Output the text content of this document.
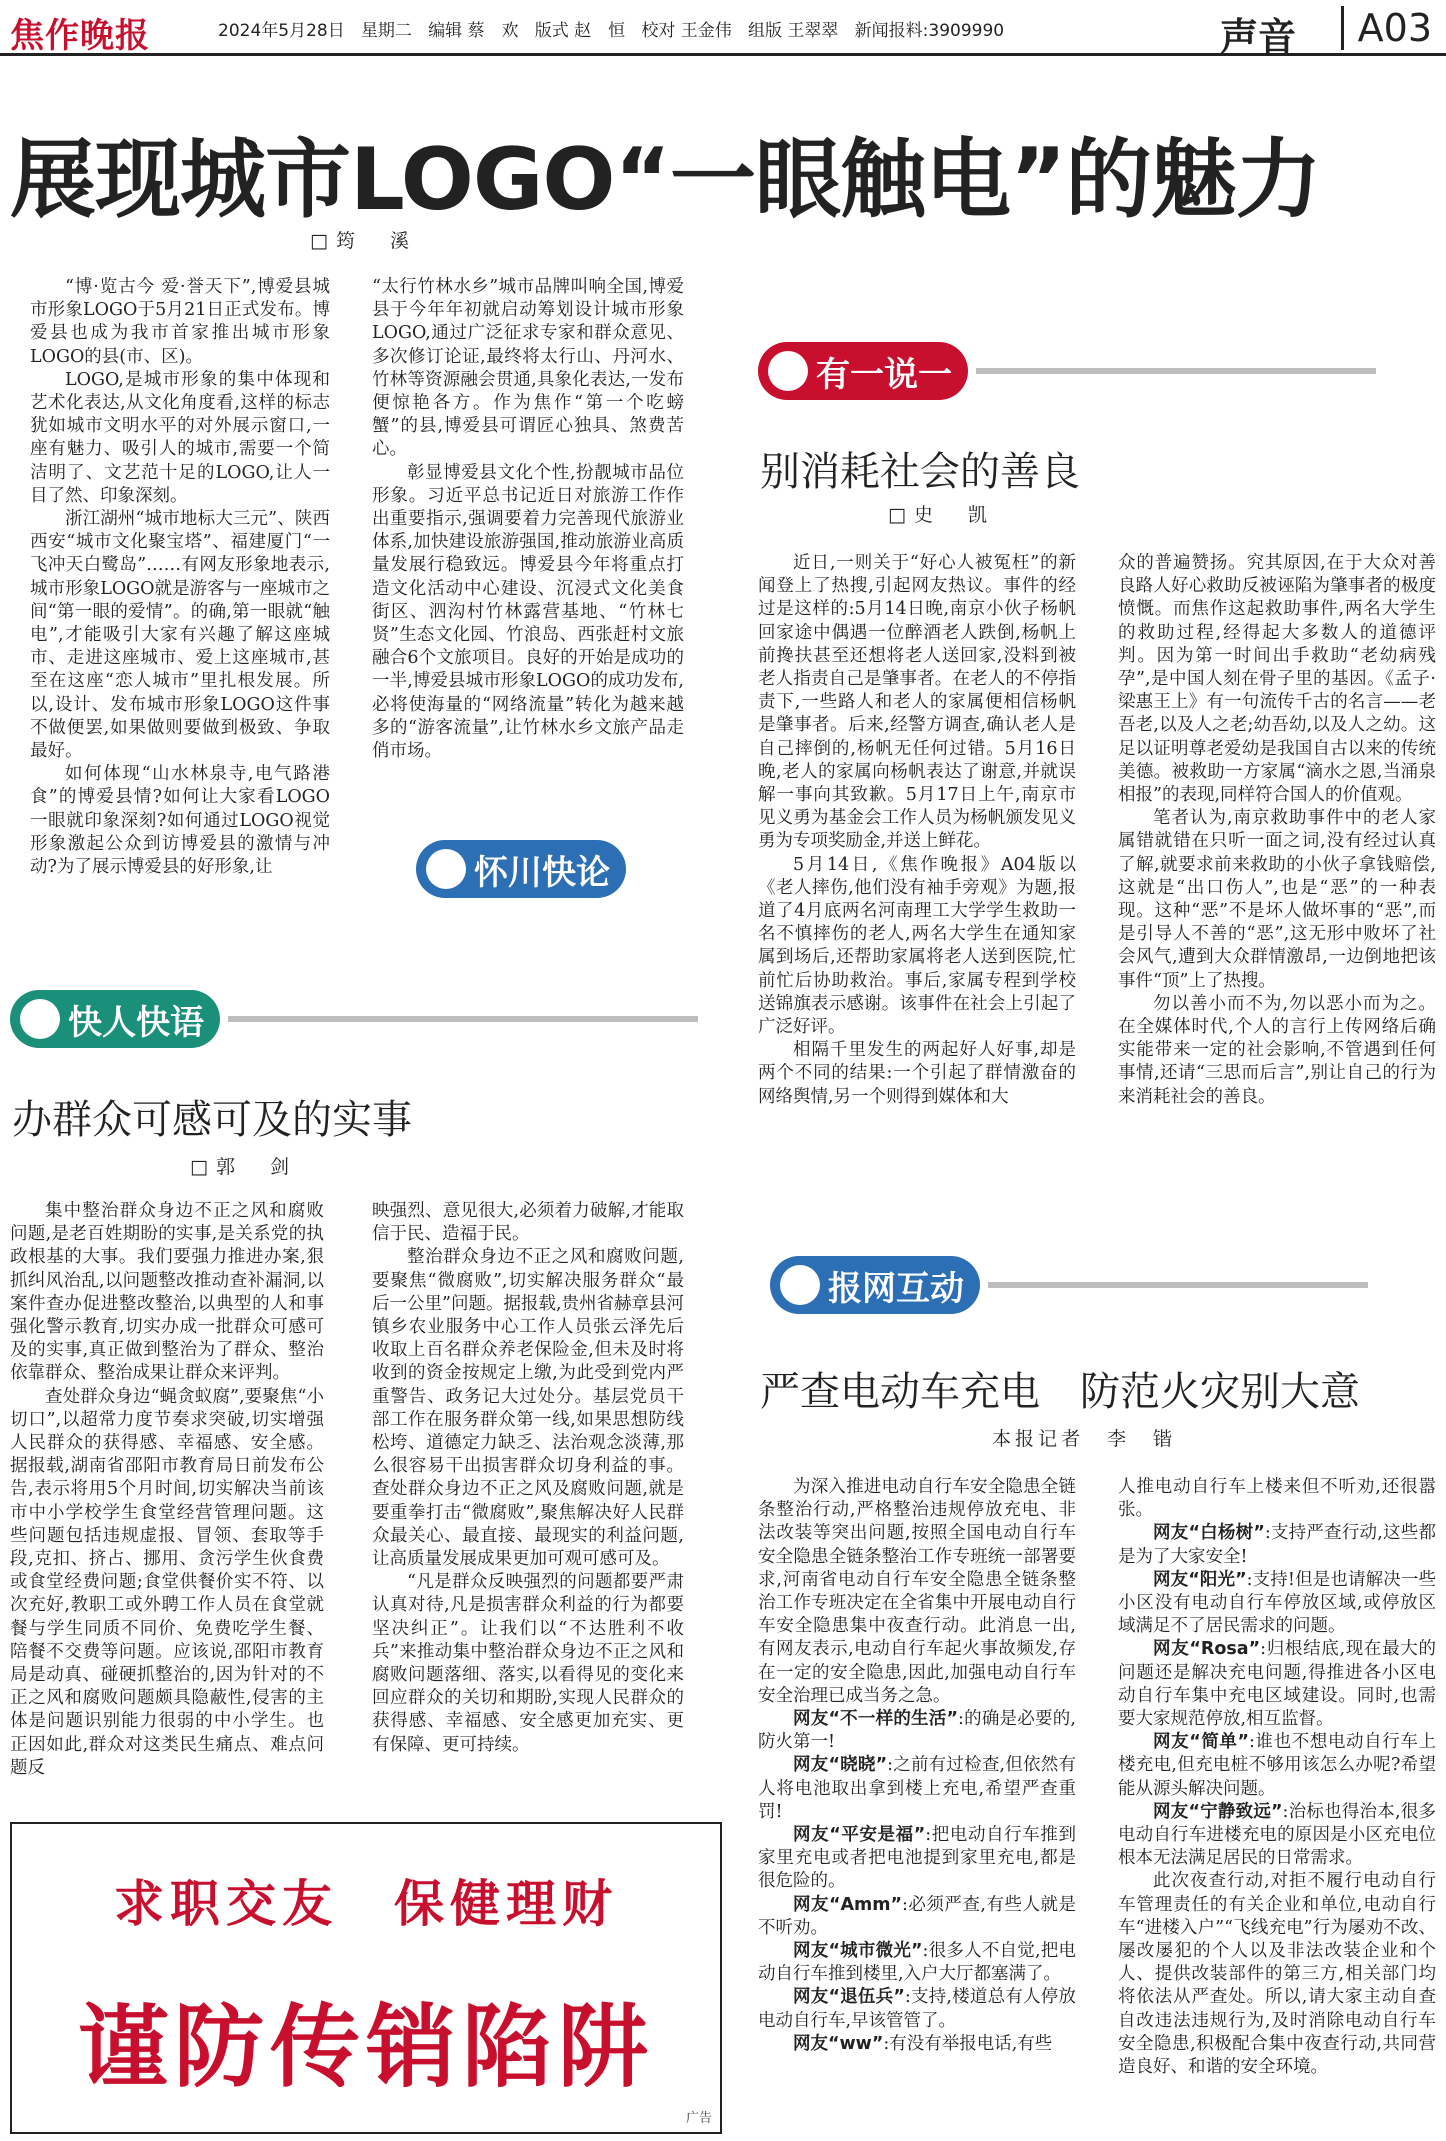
焦作晚报	2024年5月28日 星期二 编辑 蔡　欢 版式 赵　恒 校对 王金伟 组版 王翠翠 新闻报料:3909990	声音	A03
展现城市LOGO“一眼触电”的魅力
□筠　溪

“博·览古今 爱·誉天下”,博爱县城市形象LOGO于5月21日正式发布。博爱县也成为我市首家推出城市形象LOGO的县(市、区)。

LOGO,是城市形象的集中体现和艺术化表达,从文化角度看,这样的标志犹如城市文明水平的对外展示窗口,一座有魅力、吸引人的城市,需要一个简洁明了、文艺范十足的LOGO,让人一目了然、印象深刻。

浙江湖州“城市地标大三元”、陕西西安“城市文化聚宝塔”、福建厦门“一飞冲天白鹭岛”……有网友形象地表示,城市形象LOGO就是游客与一座城市之间“第一眼的爱情”。的确,第一眼就“触电”,才能吸引大家有兴趣了解这座城市、走进这座城市、爱上这座城市,甚至在这座“恋人城市”里扎根发展。所以,设计、发布城市形象LOGO这件事不做便罢,如果做则要做到极致、争取最好。

如何体现“山水林泉寺,电气路港食”的博爱县情?如何让大家看LOGO一眼就印象深刻?如何通过LOGO视觉形象激起公众到访博爱县的激情与冲动?为了展示博爱县的好形象,让

“太行竹林水乡”城市品牌叫响全国,博爱县于今年年初就启动筹划设计城市形象LOGO,通过广泛征求专家和群众意见、多次修订论证,最终将太行山、丹河水、竹林等资源融会贯通,具象化表达,一发布便惊艳各方。作为焦作“第一个吃螃蟹”的县,博爱县可谓匠心独具、煞费苦心。

彰显博爱县文化个性,扮靓城市品位形象。习近平总书记近日对旅游工作作出重要指示,强调要着力完善现代旅游业体系,加快建设旅游强国,推动旅游业高质量发展行稳致远。博爱县今年将重点打造文化活动中心建设、沉浸式文化美食街区、泗沟村竹林露营基地、“竹林七贤”生态文化园、竹浪岛、西张赶村文旅融合6个文旅项目。良好的开始是成功的一半,博爱县城市形象LOGO的成功发布,必将使海量的“网络流量”转化为越来越多的“游客流量”,让竹林水乡文旅产品走俏市场。

怀川快论
快人快语
办群众可感可及的实事
□郭　剑

集中整治群众身边不正之风和腐败问题,是老百姓期盼的实事,是关系党的执政根基的大事。我们要强力推进办案,狠抓纠风治乱,以问题整改推动查补漏洞,以案件查办促进整改整治,以典型的人和事强化警示教育,切实办成一批群众可感可及的实事,真正做到整治为了群众、整治依靠群众、整治成果让群众来评判。

查处群众身边“蝇贪蚁腐”,要聚焦“小切口”,以超常力度节奏求突破,切实增强人民群众的获得感、幸福感、安全感。据报载,湖南省邵阳市教育局日前发布公告,表示将用5个月时间,切实解决当前该市中小学校学生食堂经营管理问题。这些问题包括违规虚报、冒领、套取等手段,克扣、挤占、挪用、贪污学生伙食费或食堂经费问题;食堂供餐价实不符、以次充好,教职工或外聘工作人员在食堂就餐与学生同质不同价、免费吃学生餐、陪餐不交费等问题。应该说,邵阳市教育局是动真、碰硬抓整治的,因为针对的不正之风和腐败问题颇具隐蔽性,侵害的主体是问题识别能力很弱的中小学生。也正因如此,群众对这类民生痛点、难点问题反

映强烈、意见很大,必须着力破解,才能取信于民、造福于民。

整治群众身边不正之风和腐败问题,要聚焦“微腐败”,切实解决服务群众“最后一公里”问题。据报载,贵州省赫章县河镇乡农业服务中心工作人员张云泽先后收取上百名群众养老保险金,但未及时将收到的资金按规定上缴,为此受到党内严重警告、政务记大过处分。基层党员干部工作在服务群众第一线,如果思想防线松垮、道德定力缺乏、法治观念淡薄,那么很容易干出损害群众切身利益的事。查处群众身边不正之风及腐败问题,就是要重拳打击“微腐败”,聚焦解决好人民群众最关心、最直接、最现实的利益问题,让高质量发展成果更加可观可感可及。

“凡是群众反映强烈的问题都要严肃认真对待,凡是损害群众利益的行为都要坚决纠正”。让我们以“不达胜利不收兵”来推动集中整治群众身边不正之风和腐败问题落细、落实,以看得见的变化来回应群众的关切和期盼,实现人民群众的获得感、幸福感、安全感更加充实、更有保障、更可持续。

求职交友　保健理财
谨防传销陷阱
广告
有一说一
别消耗社会的善良
□史　凯

近日,一则关于“好心人被冤枉”的新闻登上了热搜,引起网友热议。事件的经过是这样的:5月14日晚,南京小伙子杨帆回家途中偶遇一位醉酒老人跌倒,杨帆上前搀扶甚至还想将老人送回家,没料到被老人指责自己是肇事者。在老人的不停指责下,一些路人和老人的家属便相信杨帆是肇事者。后来,经警方调查,确认老人是自己摔倒的,杨帆无任何过错。5月16日晚,老人的家属向杨帆表达了谢意,并就误解一事向其致歉。5月17日上午,南京市见义勇为基金会工作人员为杨帆颁发见义勇为专项奖励金,并送上鲜花。

5月14日,《焦作晚报》A04版以《老人摔伤,他们没有袖手旁观》为题,报道了4月底两名河南理工大学学生救助一名不慎摔伤的老人,两名大学生在通知家属到场后,还帮助家属将老人送到医院,忙前忙后协助救治。事后,家属专程到学校送锦旗表示感谢。该事件在社会上引起了广泛好评。

相隔千里发生的两起好人好事,却是两个不同的结果:一个引起了群情激奋的网络舆情,另一个则得到媒体和大

众的普遍赞扬。究其原因,在于大众对善良路人好心救助反被诬陷为肇事者的极度愤慨。而焦作这起救助事件,两名大学生的救助过程,经得起大多数人的道德评判。因为第一时间出手救助“老幼病残孕”,是中国人刻在骨子里的基因。《孟子·梁惠王上》有一句流传千古的名言——老吾老,以及人之老;幼吾幼,以及人之幼。这足以证明尊老爱幼是我国自古以来的传统美德。被救助一方家属“滴水之恩,当涌泉相报”的表现,同样符合国人的价值观。

笔者认为,南京救助事件中的老人家属错就错在只听一面之词,没有经过认真了解,就要求前来救助的小伙子拿钱赔偿,这就是“出口伤人”,也是“恶”的一种表现。这种“恶”不是坏人做坏事的“恶”,而是引导人不善的“恶”,这无形中败坏了社会风气,遭到大众群情激昂,一边倒地把该事件“顶”上了热搜。

勿以善小而不为,勿以恶小而为之。在全媒体时代,个人的言行上传网络后确实能带来一定的社会影响,不管遇到任何事情,还请“三思而后言”,别让自己的行为来消耗社会的善良。

报网互动
严查电动车充电　防范火灾别大意
本报记者　李　锴

为深入推进电动自行车安全隐患全链条整治行动,严格整治违规停放充电、非法改装等突出问题,按照全国电动自行车安全隐患全链条整治工作专班统一部署要求,河南省电动自行车安全隐患全链条整治工作专班决定在全省集中开展电动自行车安全隐患集中夜查行动。此消息一出,有网友表示,电动自行车起火事故频发,存在一定的安全隐患,因此,加强电动自行车安全治理已成当务之急。

网友“不一样的生活”:的确是必要的,防火第一!

网友“晓晓”:之前有过检查,但依然有人将电池取出拿到楼上充电,希望严查重罚!

网友“平安是福”:把电动自行车推到家里充电或者把电池提到家里充电,都是很危险的。

网友“Amm”:必须严查,有些人就是不听劝。

网友“城市微光”:很多人不自觉,把电动自行车推到楼里,入户大厅都塞满了。

网友“退伍兵”:支持,楼道总有人停放电动自行车,早该管管了。

网友“ww”:有没有举报电话,有些

人推电动自行车上楼来但不听劝,还很嚣张。

网友“白杨树”:支持严查行动,这些都是为了大家安全!

网友“阳光”:支持!但是也请解决一些小区没有电动自行车停放区域,或停放区域满足不了居民需求的问题。

网友“Rosa”:归根结底,现在最大的问题还是解决充电问题,得推进各小区电动自行车集中充电区域建设。同时,也需要大家规范停放,相互监督。

网友“简单”:谁也不想电动自行车上楼充电,但充电桩不够用该怎么办呢?希望能从源头解决问题。

网友“宁静致远”:治标也得治本,很多电动自行车进楼充电的原因是小区充电位根本无法满足居民的日常需求。

此次夜查行动,对拒不履行电动自行车管理责任的有关企业和单位,电动自行车“进楼入户”“飞线充电”行为屡劝不改、屡改屡犯的个人以及非法改装企业和个人、提供改装部件的第三方,相关部门均将依法从严查处。所以,请大家主动自查自改违法违规行为,及时消除电动自行车安全隐患,积极配合集中夜查行动,共同营造良好、和谐的安全环境。
